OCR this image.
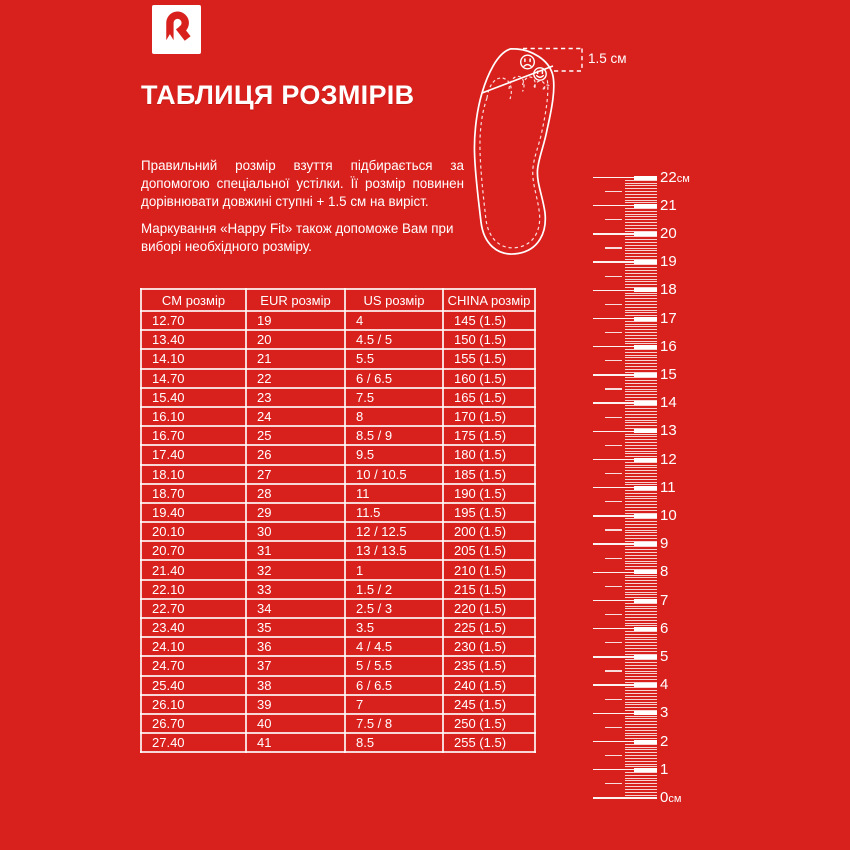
ТАБЛИЦЯ РОЗМІРІВ

Правильний розмір взуття підбирається за допомогою спеціальної устілки. Її розмір повинен дорівнювати довжині ступні + 1.5 см на виріст.

Маркування «Happy Fit» також допоможе Вам при виборі необхідного розміру.

1.5 см
CM розмір	EUR розмір	US розмір	CHINA розмір
12.70	19	4	145 (1.5)
13.40	20	4.5 / 5	150 (1.5)
14.10	21	5.5	155 (1.5)
14.70	22	6 / 6.5	160 (1.5)
15.40	23	7.5	165 (1.5)
16.10	24	8	170 (1.5)
16.70	25	8.5 / 9	175 (1.5)
17.40	26	9.5	180 (1.5)
18.10	27	10 / 10.5	185 (1.5)
18.70	28	11	190 (1.5)
19.40	29	11.5	195 (1.5)
20.10	30	12 / 12.5	200 (1.5)
20.70	31	13 / 13.5	205 (1.5)
21.40	32	1	210 (1.5)
22.10	33	1.5 / 2	215 (1.5)
22.70	34	2.5 / 3	220 (1.5)
23.40	35	3.5	225 (1.5)
24.10	36	4 / 4.5	230 (1.5)
24.70	37	5 / 5.5	235 (1.5)
25.40	38	6 / 6.5	240 (1.5)
26.10	39	7	245 (1.5)
26.70	40	7.5 / 8	250 (1.5)
27.40	41	8.5	255 (1.5)
22см
21
20
19
18
17
16
15
14
13
12
11
10
9
8
7
6
5
4
3
2
1
0см
